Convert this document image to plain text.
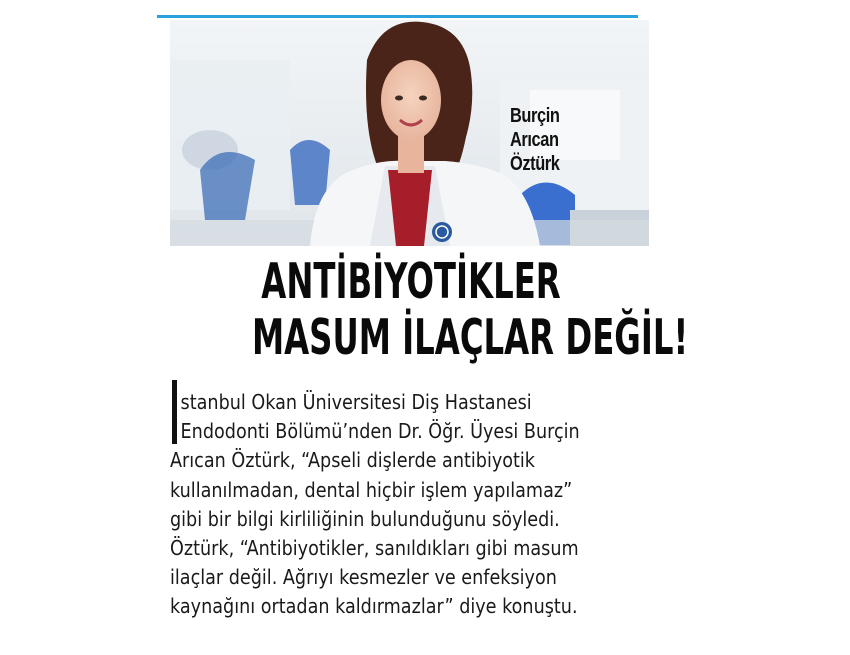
Burçin
Arıcan
Öztürk
ANTİBİYOTİKLER
MASUM İLAÇLAR DEĞİL!
stanbul Okan Üniversitesi Diş Hastanesi
Endodonti Bölümü’nden Dr. Öğr. Üyesi Burçin
Arıcan Öztürk, “Apseli dişlerde antibiyotik
kullanılmadan, dental hiçbir işlem yapılamaz”
gibi bir bilgi kirliliğinin bulunduğunu söyledi.
Öztürk, “Antibiyotikler, sanıldıkları gibi masum
ilaçlar değil. Ağrıyı kesmezler ve enfeksiyon
kaynağını ortadan kaldırmazlar” diye konuştu.
